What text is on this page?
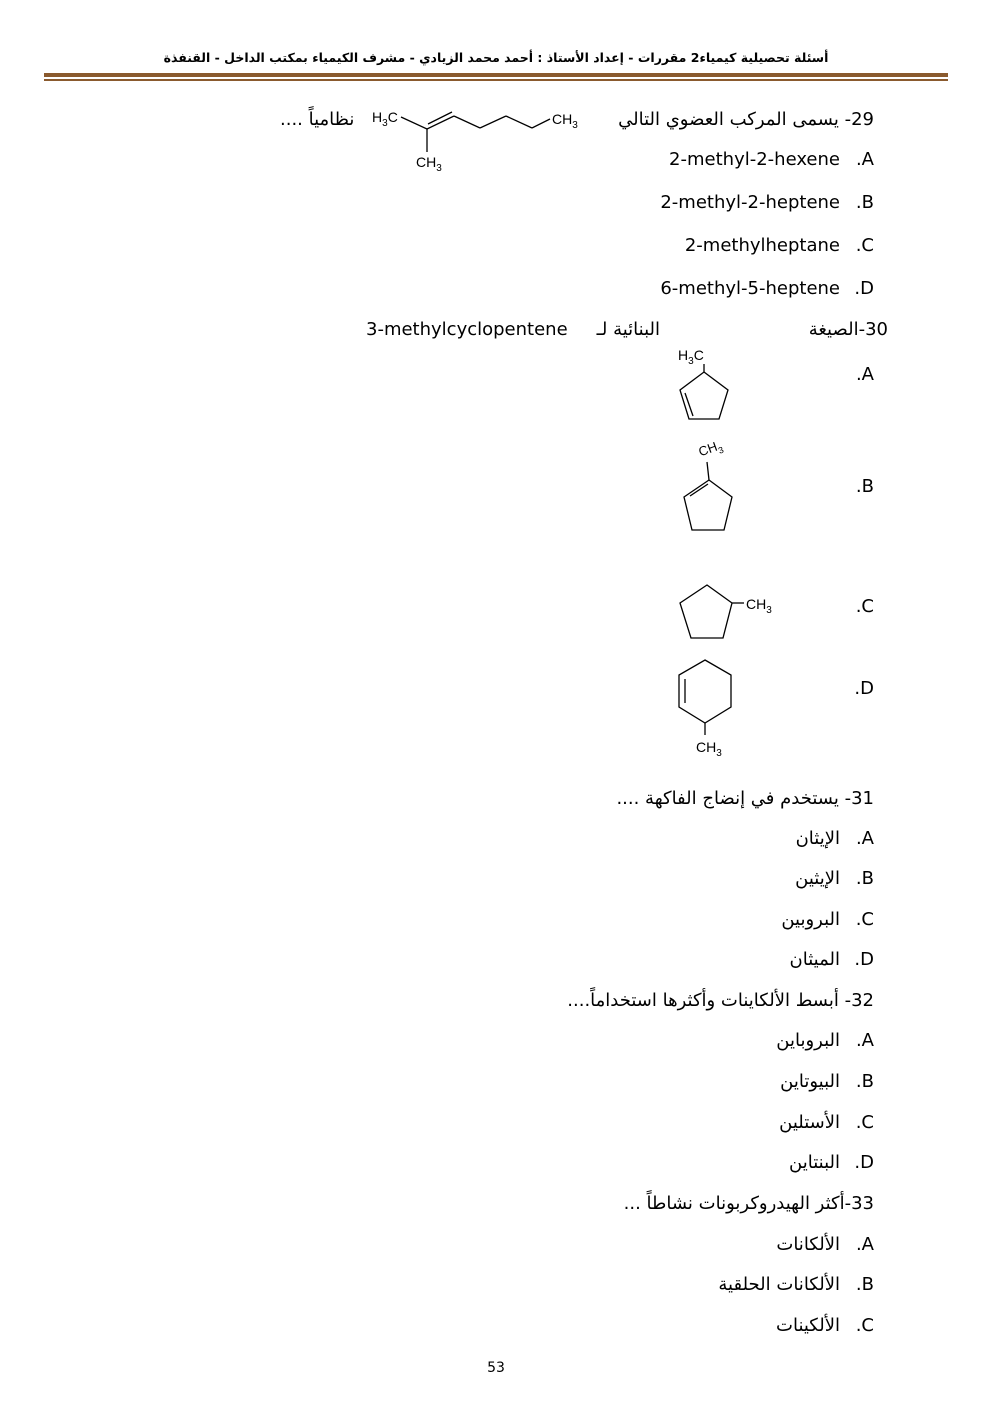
أسئلة تحصيلية كيمياء2 مقررات - إعداد الأستاذ : أحمد محمد الزيادي - مشرف الكيمياء بمكتب الداخل - القنفذة
29- يسمى المركب العضوي التالي
نظامياً .... $H_3C$	$CH_3$
$CH_3$	.A
2-methyl-2-hexene
.B
2-methyl-2-heptene
.C
2-methylheptane
.D
6-methyl-5-heptene
30-الصيغة
البنائية لـ
3-methylcyclopentene
.A
$H_3C$
.B
$CH_3$
.C
$CH_3$
.D
$CH_3$
31- يستخدم في إنضاج الفاكهة ....
.A
الإيثان
.B
الإيثين
.C
البروبين
.D
الميثان
32- أبسط الألكاينات وأكثرها استخداماً....
.A
البروباين
.B
البيوتاين
.C
الأستلين
.D
البنتاين
33-أكثر الهيدروكربونات نشاطاً ...
.A
الألكانات
.B
الألكانات الحلقية
.C
الألكينات
53
